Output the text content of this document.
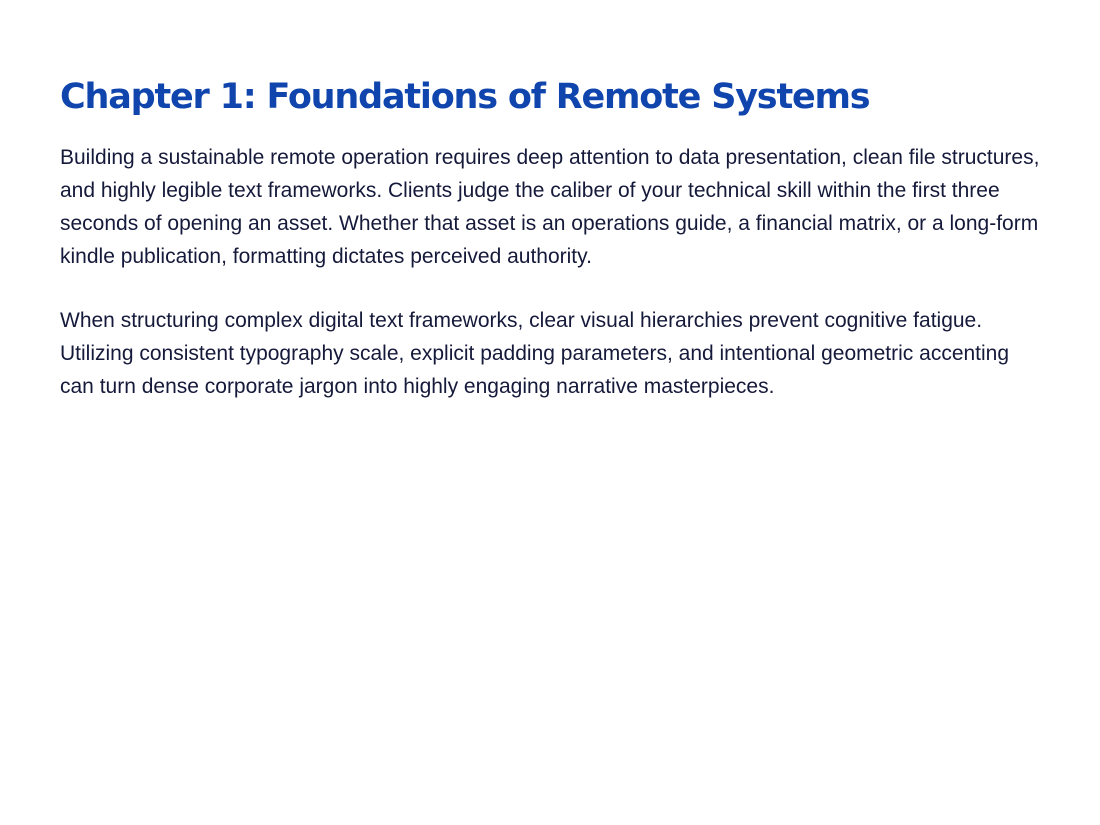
Chapter 1: Foundations of Remote Systems

Building a sustainable remote operation requires deep attention to data presentation, clean file structures, and highly legible text frameworks. Clients judge the caliber of your technical skill within the first three seconds of opening an asset. Whether that asset is an operations guide, a financial matrix, or a long-form kindle publication, formatting dictates perceived authority.

When structuring complex digital text frameworks, clear visual hierarchies prevent cognitive fatigue. Utilizing consistent typography scale, explicit padding parameters, and intentional geometric accenting can turn dense corporate jargon into highly engaging narrative masterpieces.
